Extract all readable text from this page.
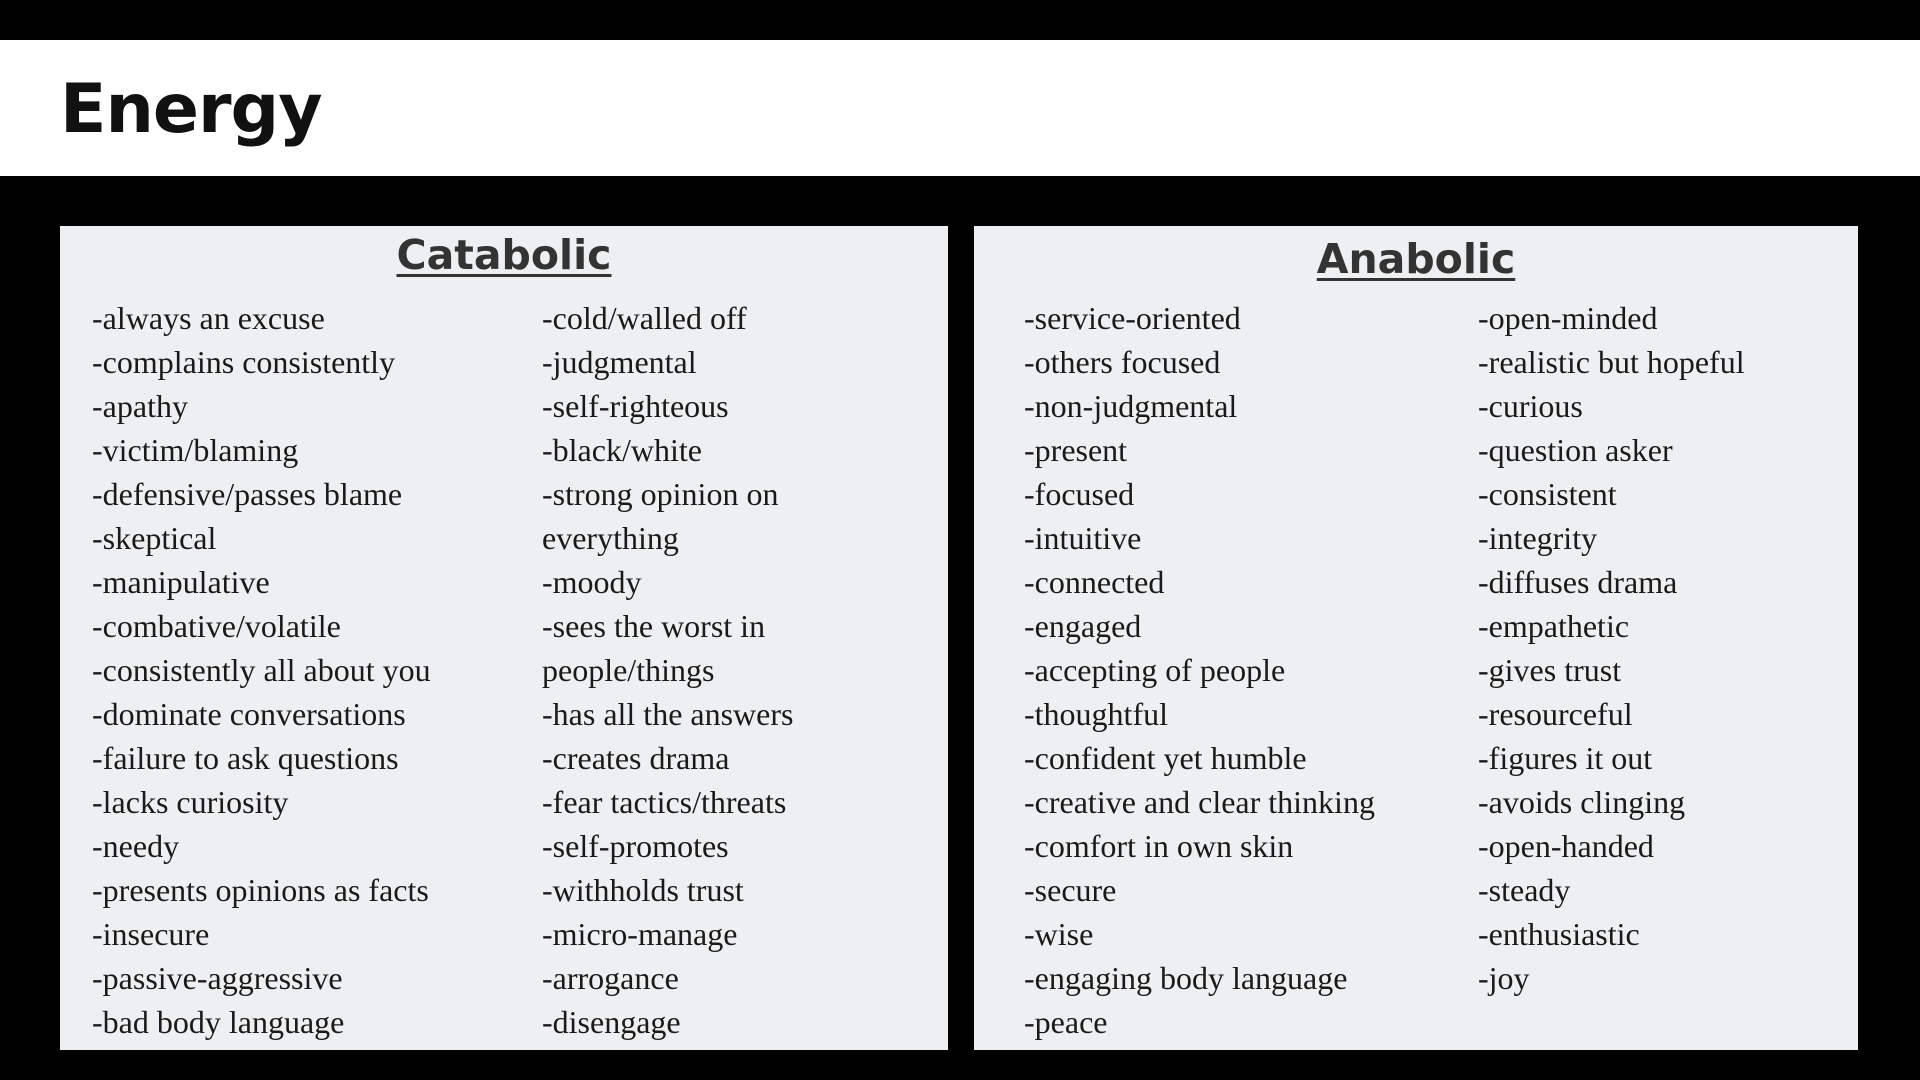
Energy
Catabolic
-always an excuse
-complains consistently
-apathy
-victim/blaming
-defensive/passes blame
-skeptical
-manipulative
-combative/volatile
-consistently all about you
-dominate conversations
-failure to ask questions
-lacks curiosity
-needy
-presents opinions as facts
-insecure
-passive-aggressive
-bad body language
-cold/walled off
-judgmental
-self-righteous
-black/white
-strong opinion on
everything
-moody
-sees the worst in
people/things
-has all the answers
-creates drama
-fear tactics/threats
-self-promotes
-withholds trust
-micro-manage
-arrogance
-disengage
Anabolic
-service-oriented
-others focused
-non-judgmental
-present
-focused
-intuitive
-connected
-engaged
-accepting of people
-thoughtful
-confident yet humble
-creative and clear thinking
-comfort in own skin
-secure
-wise
-engaging body language
-peace
-open-minded
-realistic but hopeful
-curious
-question asker
-consistent
-integrity
-diffuses drama
-empathetic
-gives trust
-resourceful
-figures it out
-avoids clinging
-open-handed
-steady
-enthusiastic
-joy
